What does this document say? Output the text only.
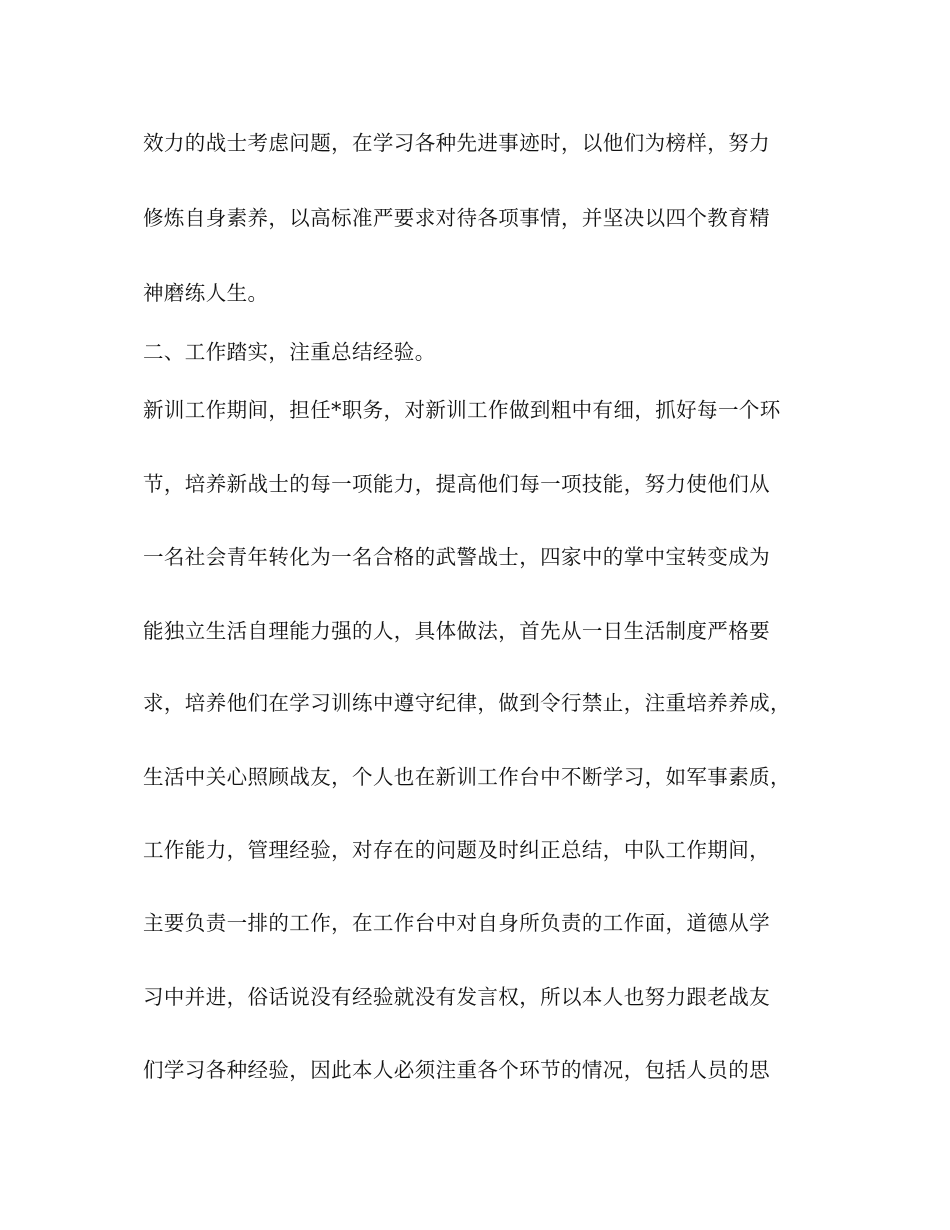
效力的战士考虑问题，在学习各种先进事迹时，以他们为榜样，努力
修炼自身素养，以高标准严要求对待各项事情，并坚决以四个教育精
神磨练人生。
二、工作踏实，注重总结经验。
新训工作期间，担任*职务，对新训工作做到粗中有细，抓好每一个环
节，培养新战士的每一项能力，提高他们每一项技能，努力使他们从
一名社会青年转化为一名合格的武警战士，四家中的掌中宝转变成为
能独立生活自理能力强的人，具体做法，首先从一日生活制度严格要
求，培养他们在学习训练中遵守纪律，做到令行禁止，注重培养养成，
生活中关心照顾战友，个人也在新训工作台中不断学习，如军事素质，
工作能力，管理经验，对存在的问题及时纠正总结，中队工作期间，
主要负责一排的工作，在工作台中对自身所负责的工作面，道德从学
习中并进，俗话说没有经验就没有发言权，所以本人也努力跟老战友
们学习各种经验，因此本人必须注重各个环节的情况，包括人员的思
